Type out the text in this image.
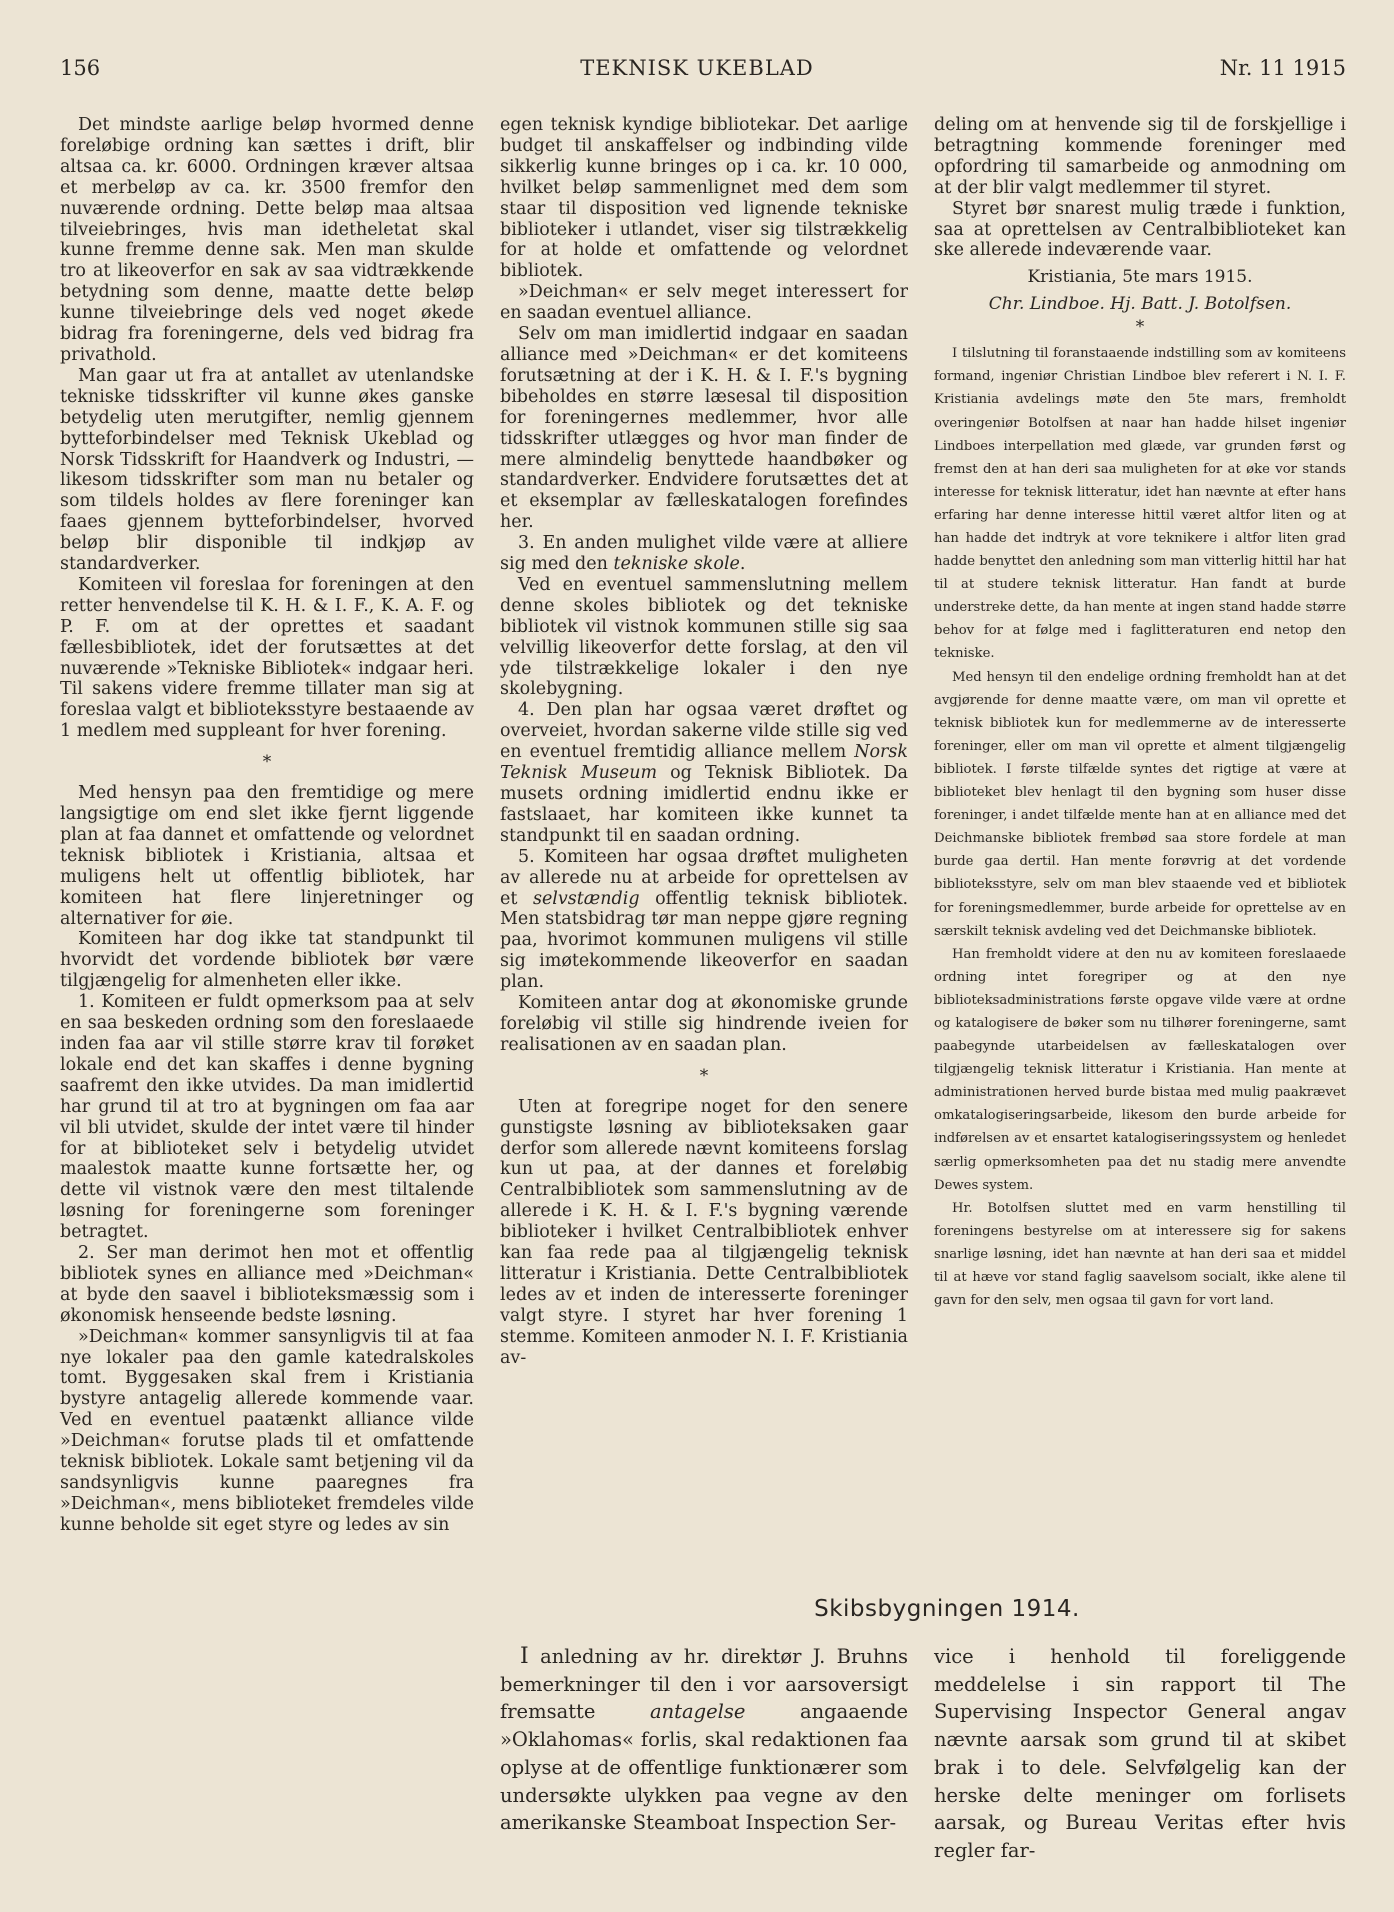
156	TEKNISK UKEBLAD	Nr. 11 1915

Det mindste aarlige beløp hvormed denne foreløbige ordning kan sættes i drift, blir altsaa ca. kr. 6000. Ordningen kræver altsaa et merbeløp av ca. kr. 3500 fremfor den nuværende ordning. Dette beløp maa altsaa tilveiebringes, hvis man idetheletat skal kunne fremme denne sak. Men man skulde tro at likeoverfor en sak av saa vidtrækkende betydning som denne, maatte dette beløp kunne tilveiebringe dels ved noget økede bidrag fra foreningerne, dels ved bidrag fra privathold.

Man gaar ut fra at antallet av utenlandske tekniske tidsskrifter vil kunne økes ganske betydelig uten merutgifter, nemlig gjennem bytteforbindelser med Teknisk Ukeblad og Norsk Tidsskrift for Haandverk og Industri, — likesom tidsskrifter som man nu betaler og som tildels holdes av flere foreninger kan faaes gjennem bytteforbindelser, hvorved beløp blir disponible til indkjøp av standardverker.

Komiteen vil foreslaa for foreningen at den retter henvendelse til K. H. & I. F., K. A. F. og P. F. om at der oprettes et saadant fællesbibliotek, idet der forutsættes at det nuværende »Tekniske Bibliotek« indgaar heri. Til sakens videre fremme tillater man sig at foreslaa valgt et biblioteksstyre bestaaende av 1 medlem med suppleant for hver forening.

*

Med hensyn paa den fremtidige og mere langsigtige om end slet ikke fjernt liggende plan at faa dannet et omfattende og velordnet teknisk bibliotek i Kristiania, altsaa et muligens helt ut offentlig bibliotek, har komiteen hat flere linjeretninger og alternativer for øie.

Komiteen har dog ikke tat standpunkt til hvorvidt det vordende bibliotek bør være tilgjængelig for almenheten eller ikke.

1. Komiteen er fuldt opmerksom paa at selv en saa beskeden ordning som den foreslaaede inden faa aar vil stille større krav til forøket lokale end det kan skaffes i denne bygning saafremt den ikke utvides. Da man imidlertid har grund til at tro at bygningen om faa aar vil bli utvidet, skulde der intet være til hinder for at biblioteket selv i betydelig utvidet maalestok maatte kunne fortsætte her, og dette vil vistnok være den mest tiltalende løsning for foreningerne som foreninger betragtet.

2. Ser man derimot hen mot et offentlig bibliotek synes en alliance med »Deichman« at byde den saavel i biblioteksmæssig som i økonomisk henseende bedste løsning.

»Deichman« kommer sansynligvis til at faa nye lokaler paa den gamle katedralskoles tomt. Byggesaken skal frem i Kristiania bystyre antagelig allerede kommende vaar. Ved en eventuel paatænkt alliance vilde »Deichman« forutse plads til et omfattende teknisk bibliotek. Lokale samt betjening vil da sandsynligvis kunne paaregnes fra »Deichman«, mens biblioteket fremdeles vilde kunne beholde sit eget styre og ledes av sin

egen teknisk kyndige bibliotekar. Det aarlige budget til anskaffelser og indbinding vilde sikkerlig kunne bringes op i ca. kr. 10 000, hvilket beløp sammenlignet med dem som staar til disposition ved lignende tekniske biblioteker i utlandet, viser sig tilstrækkelig for at holde et omfattende og velordnet bibliotek.

»Deichman« er selv meget interessert for en saadan eventuel alliance.

Selv om man imidlertid indgaar en saadan alliance med »Deichman« er det komiteens forutsætning at der i K. H. & I. F.'s bygning bibeholdes en større læsesal til disposition for foreningernes medlemmer, hvor alle tidsskrifter utlægges og hvor man finder de mere almindelig benyttede haandbøker og standardverker. Endvidere forutsættes det at et eksemplar av fælleskatalogen forefindes her.

3. En anden mulighet vilde være at alliere sig med den tekniske skole.

Ved en eventuel sammenslutning mellem denne skoles bibliotek og det tekniske bibliotek vil vistnok kommunen stille sig saa velvillig likeoverfor dette forslag, at den vil yde tilstrækkelige lokaler i den nye skolebygning.

4. Den plan har ogsaa været drøftet og overveiet, hvordan sakerne vilde stille sig ved en eventuel fremtidig alliance mellem Norsk Teknisk Museum og Teknisk Bibliotek. Da musets ordning imidlertid endnu ikke er fastslaaet, har komiteen ikke kunnet ta standpunkt til en saadan ordning.

5. Komiteen har ogsaa drøftet muligheten av allerede nu at arbeide for oprettelsen av et selvstændig offentlig teknisk bibliotek. Men statsbidrag tør man neppe gjøre regning paa, hvorimot kommunen muligens vil stille sig imøtekommende likeoverfor en saadan plan.

Komiteen antar dog at økonomiske grunde foreløbig vil stille sig hindrende iveien for realisationen av en saadan plan.

*

Uten at foregripe noget for den senere gunstigste løsning av biblioteksaken gaar derfor som allerede nævnt komiteens forslag kun ut paa, at der dannes et foreløbig Centralbibliotek som sammenslutning av de allerede i K. H. & I. F.'s bygning værende biblioteker i hvilket Centralbibliotek enhver kan faa rede paa al tilgjængelig teknisk litteratur i Kristiania. Dette Centralbibliotek ledes av et inden de interesserte foreninger valgt styre. I styret har hver forening 1 stemme. Komiteen anmoder N. I. F. Kristiania av-

deling om at henvende sig til de forskjellige i betragtning kommende foreninger med opfordring til samarbeide og anmodning om at der blir valgt medlemmer til styret.

Styret bør snarest mulig træde i funktion, saa at oprettelsen av Centralbiblioteket kan ske allerede indeværende vaar.

Kristiania, 5te mars 1915.
Chr. Lindboe. Hj. Batt. J. Botolfsen.
*

I tilslutning til foranstaaende indstilling som av komiteens formand, ingeniør Christian Lindboe blev referert i N. I. F. Kristiania avdelings møte den 5te mars, fremholdt overingeniør Botolfsen at naar han hadde hilset ingeniør Lindboes interpellation med glæde, var grunden først og fremst den at han deri saa muligheten for at øke vor stands interesse for teknisk litteratur, idet han nævnte at efter hans erfaring har denne interesse hittil været altfor liten og at han hadde det indtryk at vore teknikere i altfor liten grad hadde benyttet den anledning som man vitterlig hittil har hat til at studere teknisk litteratur. Han fandt at burde understreke dette, da han mente at ingen stand hadde større behov for at følge med i faglitteraturen end netop den tekniske.

Med hensyn til den endelige ordning fremholdt han at det avgjørende for denne maatte være, om man vil oprette et teknisk bibliotek kun for medlemmerne av de interesserte foreninger, eller om man vil oprette et alment tilgjængelig bibliotek. I første tilfælde syntes det rigtige at være at biblioteket blev henlagt til den bygning som huser disse foreninger, i andet tilfælde mente han at en alliance med det Deichmanske bibliotek frembød saa store fordele at man burde gaa dertil. Han mente forøvrig at det vordende biblioteksstyre, selv om man blev staaende ved et bibliotek for foreningsmedlemmer, burde arbeide for oprettelse av en særskilt teknisk avdeling ved det Deichmanske bibliotek.

Han fremholdt videre at den nu av komiteen foreslaaede ordning intet foregriper og at den nye biblioteksadministrations første opgave vilde være at ordne og katalogisere de bøker som nu tilhører foreningerne, samt paabegynde utarbeidelsen av fælleskatalogen over tilgjængelig teknisk litteratur i Kristiania. Han mente at administrationen herved burde bistaa med mulig paakrævet omkatalogiseringsarbeide, likesom den burde arbeide for indførelsen av et ensartet katalogiseringssystem og henledet særlig opmerksomheten paa det nu stadig mere anvendte Dewes system.

Hr. Botolfsen sluttet med en varm henstilling til foreningens bestyrelse om at interessere sig for sakens snarlige løsning, idet han nævnte at han deri saa et middel til at hæve vor stand faglig saavelsom socialt, ikke alene til gavn for den selv, men ogsaa til gavn for vort land.

Skibsbygningen 1914.

I anledning av hr. direktør J. Bruhns bemerkninger til den i vor aarsoversigt fremsatte antagelse angaaende »Oklahomas« forlis, skal redaktionen faa oplyse at de offentlige funktionærer som undersøkte ulykken paa vegne av den amerikanske Steamboat Inspection Ser-

vice i henhold til foreliggende meddelelse i sin rapport til The Supervising Inspector General angav nævnte aarsak som grund til at skibet brak i to dele. Selvfølgelig kan der herske delte meninger om forlisets aarsak, og Bureau Veritas efter hvis regler far-
